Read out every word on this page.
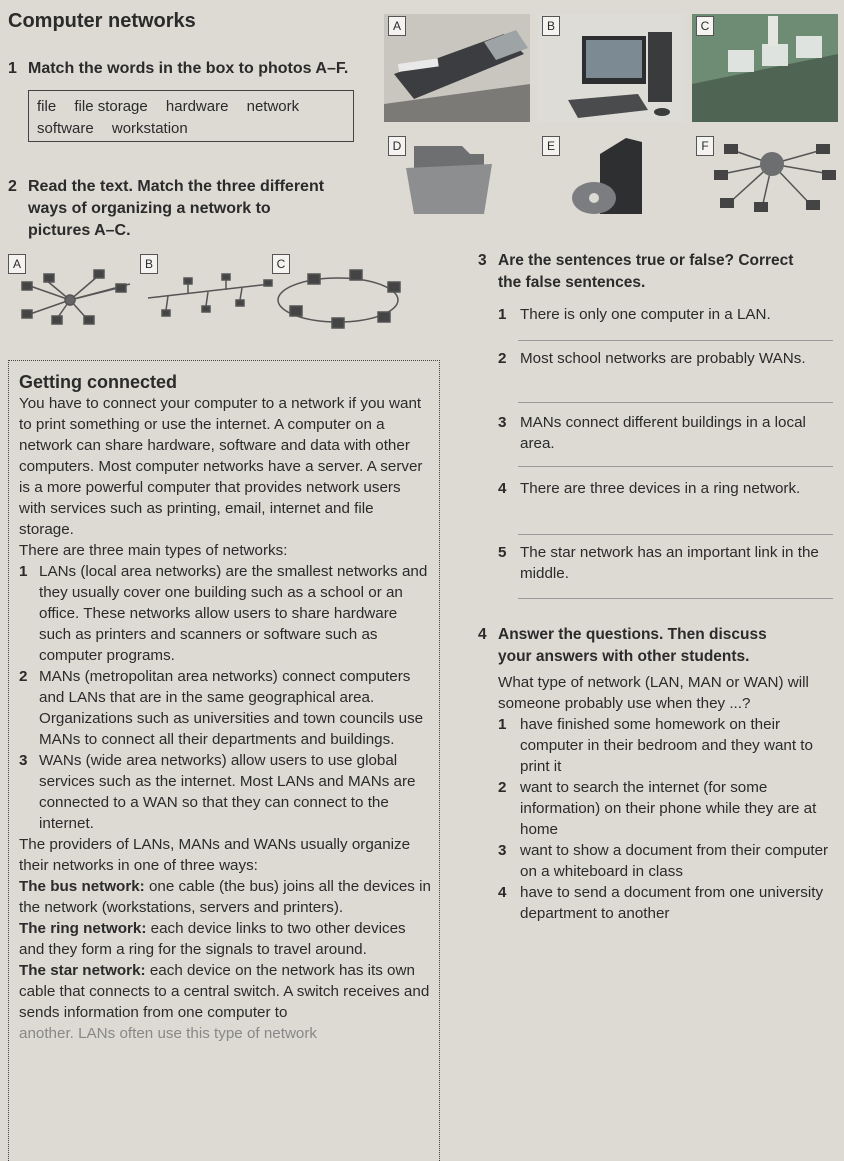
Computer networks
1 Match the words in the box to photos A–F.
file file storage hardware network
software workstation
A	B	C
D	E	F
2 Read the text. Match the three different
ways of organizing a network to
pictures A–C.
A	B	C
Getting connected

You have to connect your computer to a network if you want to print something or use the internet. A computer on a network can share hardware, software and data with other computers. Most computer networks have a server. A server is a more powerful computer that provides network users with services such as printing, email, internet and file storage.

There are three main types of networks:

1 LANs (local area networks) are the smallest networks and they usually cover one building such as a school or an office. These networks allow users to share hardware such as printers and scanners or software such as computer programs.
2 MANs (metropolitan area networks) connect computers and LANs that are in the same geographical area. Organizations such as universities and town councils use MANs to connect all their departments and buildings.
3 WANs (wide area networks) allow users to use global services such as the internet. Most LANs and MANs are connected to a WAN so that they can connect to the internet.

The providers of LANs, MANs and WANs usually organize their networks in one of three ways:

The bus network: one cable (the bus) joins all the devices in the network (workstations, servers and printers).

The ring network: each device links to two other devices and they form a ring for the signals to travel around.

The star network: each device on the network has its own cable that connects to a central switch. A switch receives and sends information from one computer to

another. LANs often use this type of network

3 Are the sentences true or false? Correct
the false sentences.
1 There is only one computer in a LAN.
2 Most school networks are probably WANs.
3 MANs connect different buildings in a local area.
4 There are three devices in a ring network.
5 The star network has an important link in the middle.
4 Answer the questions. Then discuss
your answers with other students.
What type of network (LAN, MAN or WAN) will someone probably use when they ...?
1 have finished some homework on their computer in their bedroom and they want to print it
2 want to search the internet (for some information) on their phone while they are at home
3 want to show a document from their computer on a whiteboard in class
4 have to send a document from one university department to another
